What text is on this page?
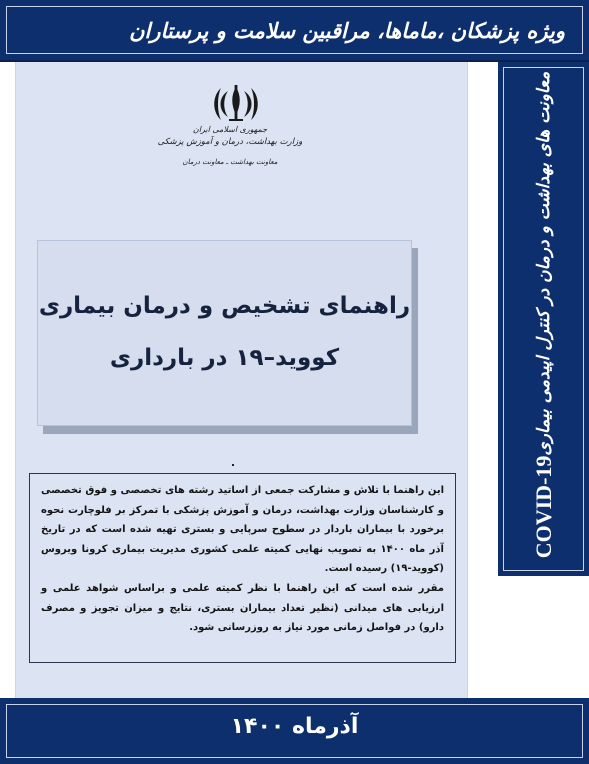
ویژه پزشکان ،ماماها، مراقبین سلامت و پرستاران
معاونت های بهداشت و درمان در کنترل اپیدمی بیماری
COVID-19
جمهوری اسلامی ایران
وزارت بهداشت، درمان و آموزش پزشکی
معاونت بهداشت ـ معاونت درمان
راهنمای تشخیص و درمان بیماری
کووید–۱۹ در بارداری

این راهنما با تلاش و مشارکت جمعی از اساتید رشته های تخصصی و فوق تخصصی و کارشناسان وزارت بهداشت، درمان و آموزش پزشکی با تمرکز بر فلوچارت نحوه برخورد با بیماران باردار در سطوح سرپایی و بستری تهیه شده است که در تاریخ آذر ماه ۱۴۰۰ به تصویب نهایی کمیته علمی کشوری مدیریت بیماری کرونا ویروس (کووید-۱۹) رسیده است.

مقرر شده است که این راهنما با نظر کمیته علمی و براساس شواهد علمی و ارزیابی های میدانی (نظیر تعداد بیماران بستری، نتایج و میزان تجویز و مصرف دارو) در فواصل زمانی مورد نیاز به روزرسانی شود.

آذرماه ۱۴۰۰
